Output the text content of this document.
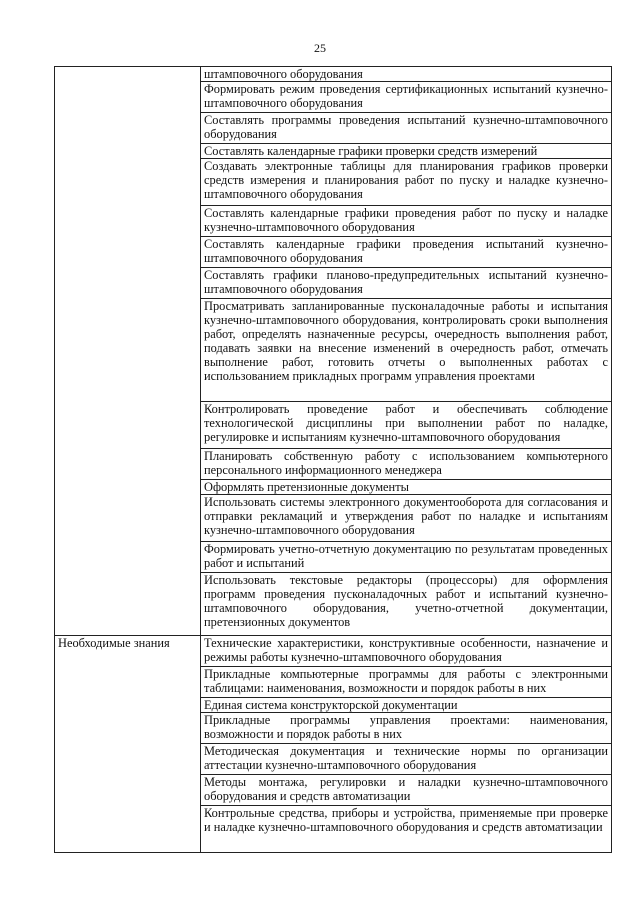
25
	штамповочного оборудования
	Формировать режим проведения сертификационных испытаний кузнечно-штамповочного оборудования
	Составлять программы проведения испытаний кузнечно-штамповочного оборудования
	Составлять календарные графики проверки средств измерений
	Создавать электронные таблицы для планирования графиков проверки средств измерения и планирования работ по пуску и наладке кузнечно-штамповочного оборудования
	Составлять календарные графики проведения работ по пуску и наладке кузнечно-штамповочного оборудования
	Составлять календарные графики проведения испытаний кузнечно-штамповочного оборудования
	Составлять графики планово-предупредительных испытаний кузнечно-штамповочного оборудования
	Просматривать запланированные пусконаладочные работы и испытания кузнечно-штамповочного оборудования, контролировать сроки выполнения работ, определять назначенные ресурсы, очередность выполнения работ, подавать заявки на внесение изменений в очередность работ, отмечать выполнение работ, готовить отчеты о выполненных работах с использованием прикладных программ управления проектами
	Контролировать проведение работ и обеспечивать соблюдение технологической дисциплины при выполнении работ по наладке, регулировке и испытаниям кузнечно-штамповочного оборудования
	Планировать собственную работу с использованием компьютерного персонального информационного менеджера
	Оформлять претензионные документы
	Использовать системы электронного документооборота для согласования и отправки рекламаций и утверждения работ по наладке и испытаниям кузнечно-штамповочного оборудования
	Формировать учетно-отчетную документацию по результатам проведенных работ и испытаний
	Использовать текстовые редакторы (процессоры) для оформления программ проведения пусконаладочных работ и испытаний кузнечно-штамповочного оборудования, учетно-отчетной документации, претензионных документов
Необходимые знания	Технические характеристики, конструктивные особенности, назначение и режимы работы кузнечно-штамповочного оборудования
	Прикладные компьютерные программы для работы с электронными таблицами: наименования, возможности и порядок работы в них
	Единая система конструкторской документации
	Прикладные программы управления проектами: наименования, возможности и порядок работы в них
	Методическая документация и технические нормы по организации аттестации кузнечно-штамповочного оборудования
	Методы монтажа, регулировки и наладки кузнечно-штамповочного оборудования и средств автоматизации
	Контрольные средства, приборы и устройства, применяемые при проверке и наладке кузнечно-штамповочного оборудования и средств автоматизации
